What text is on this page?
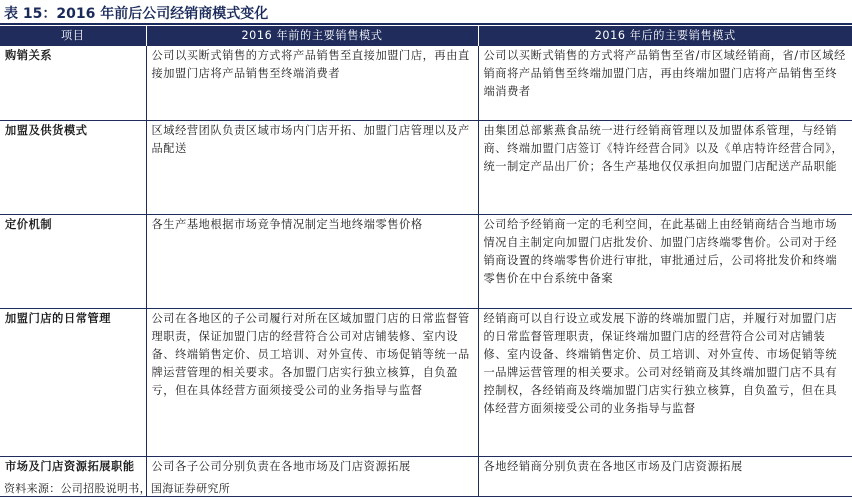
表 15：2016 年前后公司经销商模式变化
项目	2016 年前的主要销售模式	2016 年后的主要销售模式
购销关系	公司以买断式销售的方式将产品销售至直接加盟门店，再由直接加盟门店将产品销售至终端消费者	公司以买断式销售的方式将产品销售至省/市区域经销商，省/市区域经销商将产品销售至终端加盟门店，再由终端加盟门店将产品销售至终端消费者
加盟及供货模式	区域经营团队负责区域市场内门店开拓、加盟门店管理以及产品配送	由集团总部紫燕食品统一进行经销商管理以及加盟体系管理，与经销商、终端加盟门店签订《特许经营合同》以及《单店特许经营合同》，统一制定产品出厂价；各生产基地仅仅承担向加盟门店配送产品职能
定价机制	各生产基地根据市场竞争情况制定当地终端零售价格	公司给予经销商一定的毛利空间，在此基础上由经销商结合当地市场情况自主制定向加盟门店批发价、加盟门店终端零售价。公司对于经销商设置的终端零售价进行审批，审批通过后，公司将批发价和终端零售价在中台系统中备案
加盟门店的日常管理	公司在各地区的子公司履行对所在区域加盟门店的日常监督管理职责，保证加盟门店的经营符合公司对店铺装修、室内设备、终端销售定价、员工培训、对外宣传、市场促销等统一品牌运营管理的相关要求。各加盟门店实行独立核算，自负盈亏，但在具体经营方面须接受公司的业务指导与监督	经销商可以自行设立或发展下游的终端加盟门店，并履行对加盟门店的日常监督管理职责，保证终端加盟门店的经营符合公司对店铺装修、室内设备、终端销售定价、员工培训、对外宣传、市场促销等统一品牌运营管理的相关要求。公司对经销商及其终端加盟门店不具有控制权，各经销商及终端加盟门店实行独立核算，自负盈亏，但在具体经营方面须接受公司的业务指导与监督
市场及门店资源拓展职能	公司各子公司分别负责在各地市场及门店资源拓展	各地经销商分别负责在各地区市场及门店资源拓展
资料来源：公司招股说明书，国海证券研究所
